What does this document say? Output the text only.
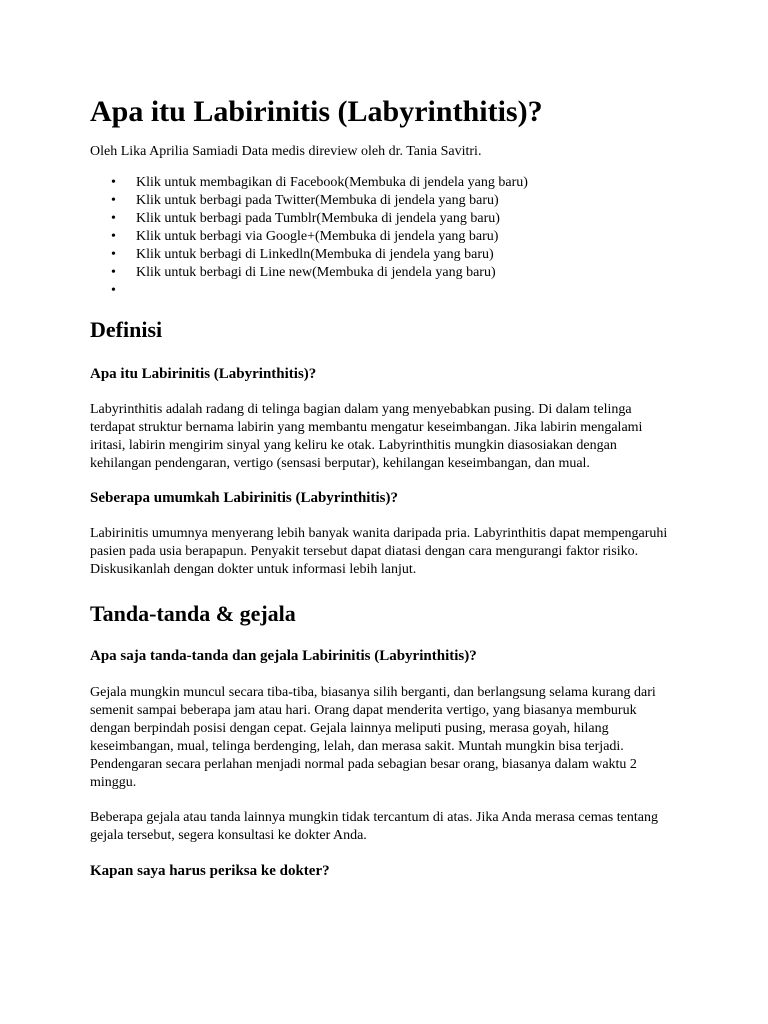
Apa itu Labirinitis (Labyrinthitis)?

Oleh Lika Aprilia Samiadi Data medis direview oleh dr. Tania Savitri.

• Klik untuk membagikan di Facebook(Membuka di jendela yang baru)
• Klik untuk berbagi pada Twitter(Membuka di jendela yang baru)
• Klik untuk berbagi pada Tumblr(Membuka di jendela yang baru)
• Klik untuk berbagi via Google+(Membuka di jendela yang baru)
• Klik untuk berbagi di Linkedln(Membuka di jendela yang baru)
• Klik untuk berbagi di Line new(Membuka di jendela yang baru)
•
Definisi
Apa itu Labirinitis (Labyrinthitis)?

Labyrinthitis adalah radang di telinga bagian dalam yang menyebabkan pusing. Di dalam telinga terdapat struktur bernama labirin yang membantu mengatur keseimbangan. Jika labirin mengalami iritasi, labirin mengirim sinyal yang keliru ke otak. Labyrinthitis mungkin diasosiakan dengan kehilangan pendengaran, vertigo (sensasi berputar), kehilangan keseimbangan, dan mual.

Seberapa umumkah Labirinitis (Labyrinthitis)?

Labirinitis umumnya menyerang lebih banyak wanita daripada pria. Labyrinthitis dapat mempengaruhi pasien pada usia berapapun. Penyakit tersebut dapat diatasi dengan cara mengurangi faktor risiko. Diskusikanlah dengan dokter untuk informasi lebih lanjut.

Tanda-tanda & gejala
Apa saja tanda-tanda dan gejala Labirinitis (Labyrinthitis)?

Gejala mungkin muncul secara tiba-tiba, biasanya silih berganti, dan berlangsung selama kurang dari semenit sampai beberapa jam atau hari. Orang dapat menderita vertigo, yang biasanya memburuk dengan berpindah posisi dengan cepat. Gejala lainnya meliputi pusing, merasa goyah, hilang keseimbangan, mual, telinga berdenging, lelah, dan merasa sakit. Muntah mungkin bisa terjadi. Pendengaran secara perlahan menjadi normal pada sebagian besar orang, biasanya dalam waktu 2 minggu.

Beberapa gejala atau tanda lainnya mungkin tidak tercantum di atas. Jika Anda merasa cemas tentang gejala tersebut, segera konsultasi ke dokter Anda.

Kapan saya harus periksa ke dokter?
